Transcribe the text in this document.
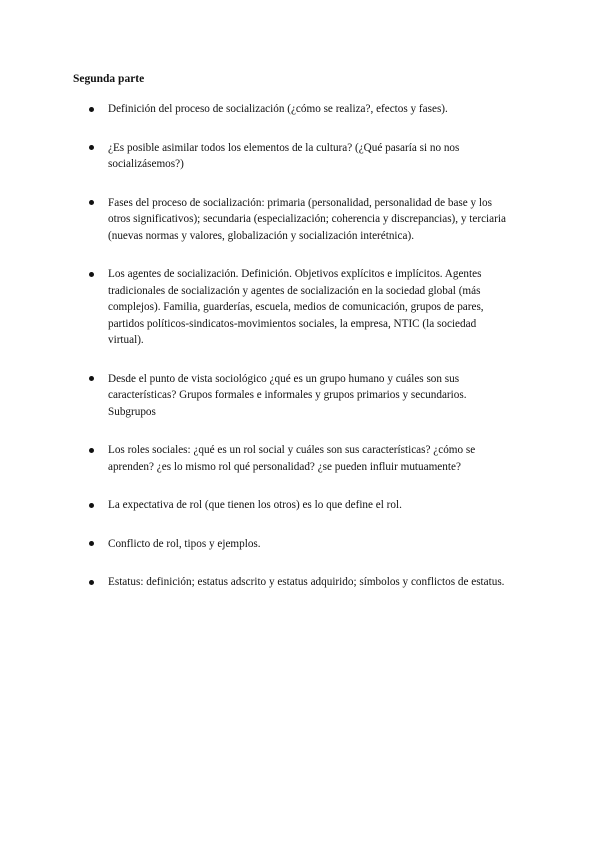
Segunda parte
Definición del proceso de socialización (¿cómo se realiza?, efectos y fases).
¿Es posible asimilar todos los elementos de la cultura? (¿Qué pasaría si no nos socializásemos?)
Fases del proceso de socialización: primaria (personalidad, personalidad de base y los otros significativos); secundaria (especialización; coherencia y discrepancias), y terciaria (nuevas normas y valores, globalización y socialización interétnica).
Los agentes de socialización. Definición. Objetivos explícitos e implícitos. Agentes tradicionales de socialización y agentes de socialización en la sociedad global (más complejos). Familia, guarderías, escuela, medios de comunicación, grupos de pares, partidos políticos-sindicatos-movimientos sociales, la empresa, NTIC (la sociedad virtual).
Desde el punto de vista sociológico ¿qué es un grupo humano y cuáles son sus características? Grupos formales e informales y grupos primarios y secundarios. Subgrupos
Los roles sociales: ¿qué es un rol social y cuáles son sus características? ¿cómo se aprenden? ¿es lo mismo rol qué personalidad? ¿se pueden influir mutuamente?
La expectativa de rol (que tienen los otros) es lo que define el rol.
Conflicto de rol, tipos y ejemplos.
Estatus: definición; estatus adscrito y estatus adquirido; símbolos y conflictos de estatus.
